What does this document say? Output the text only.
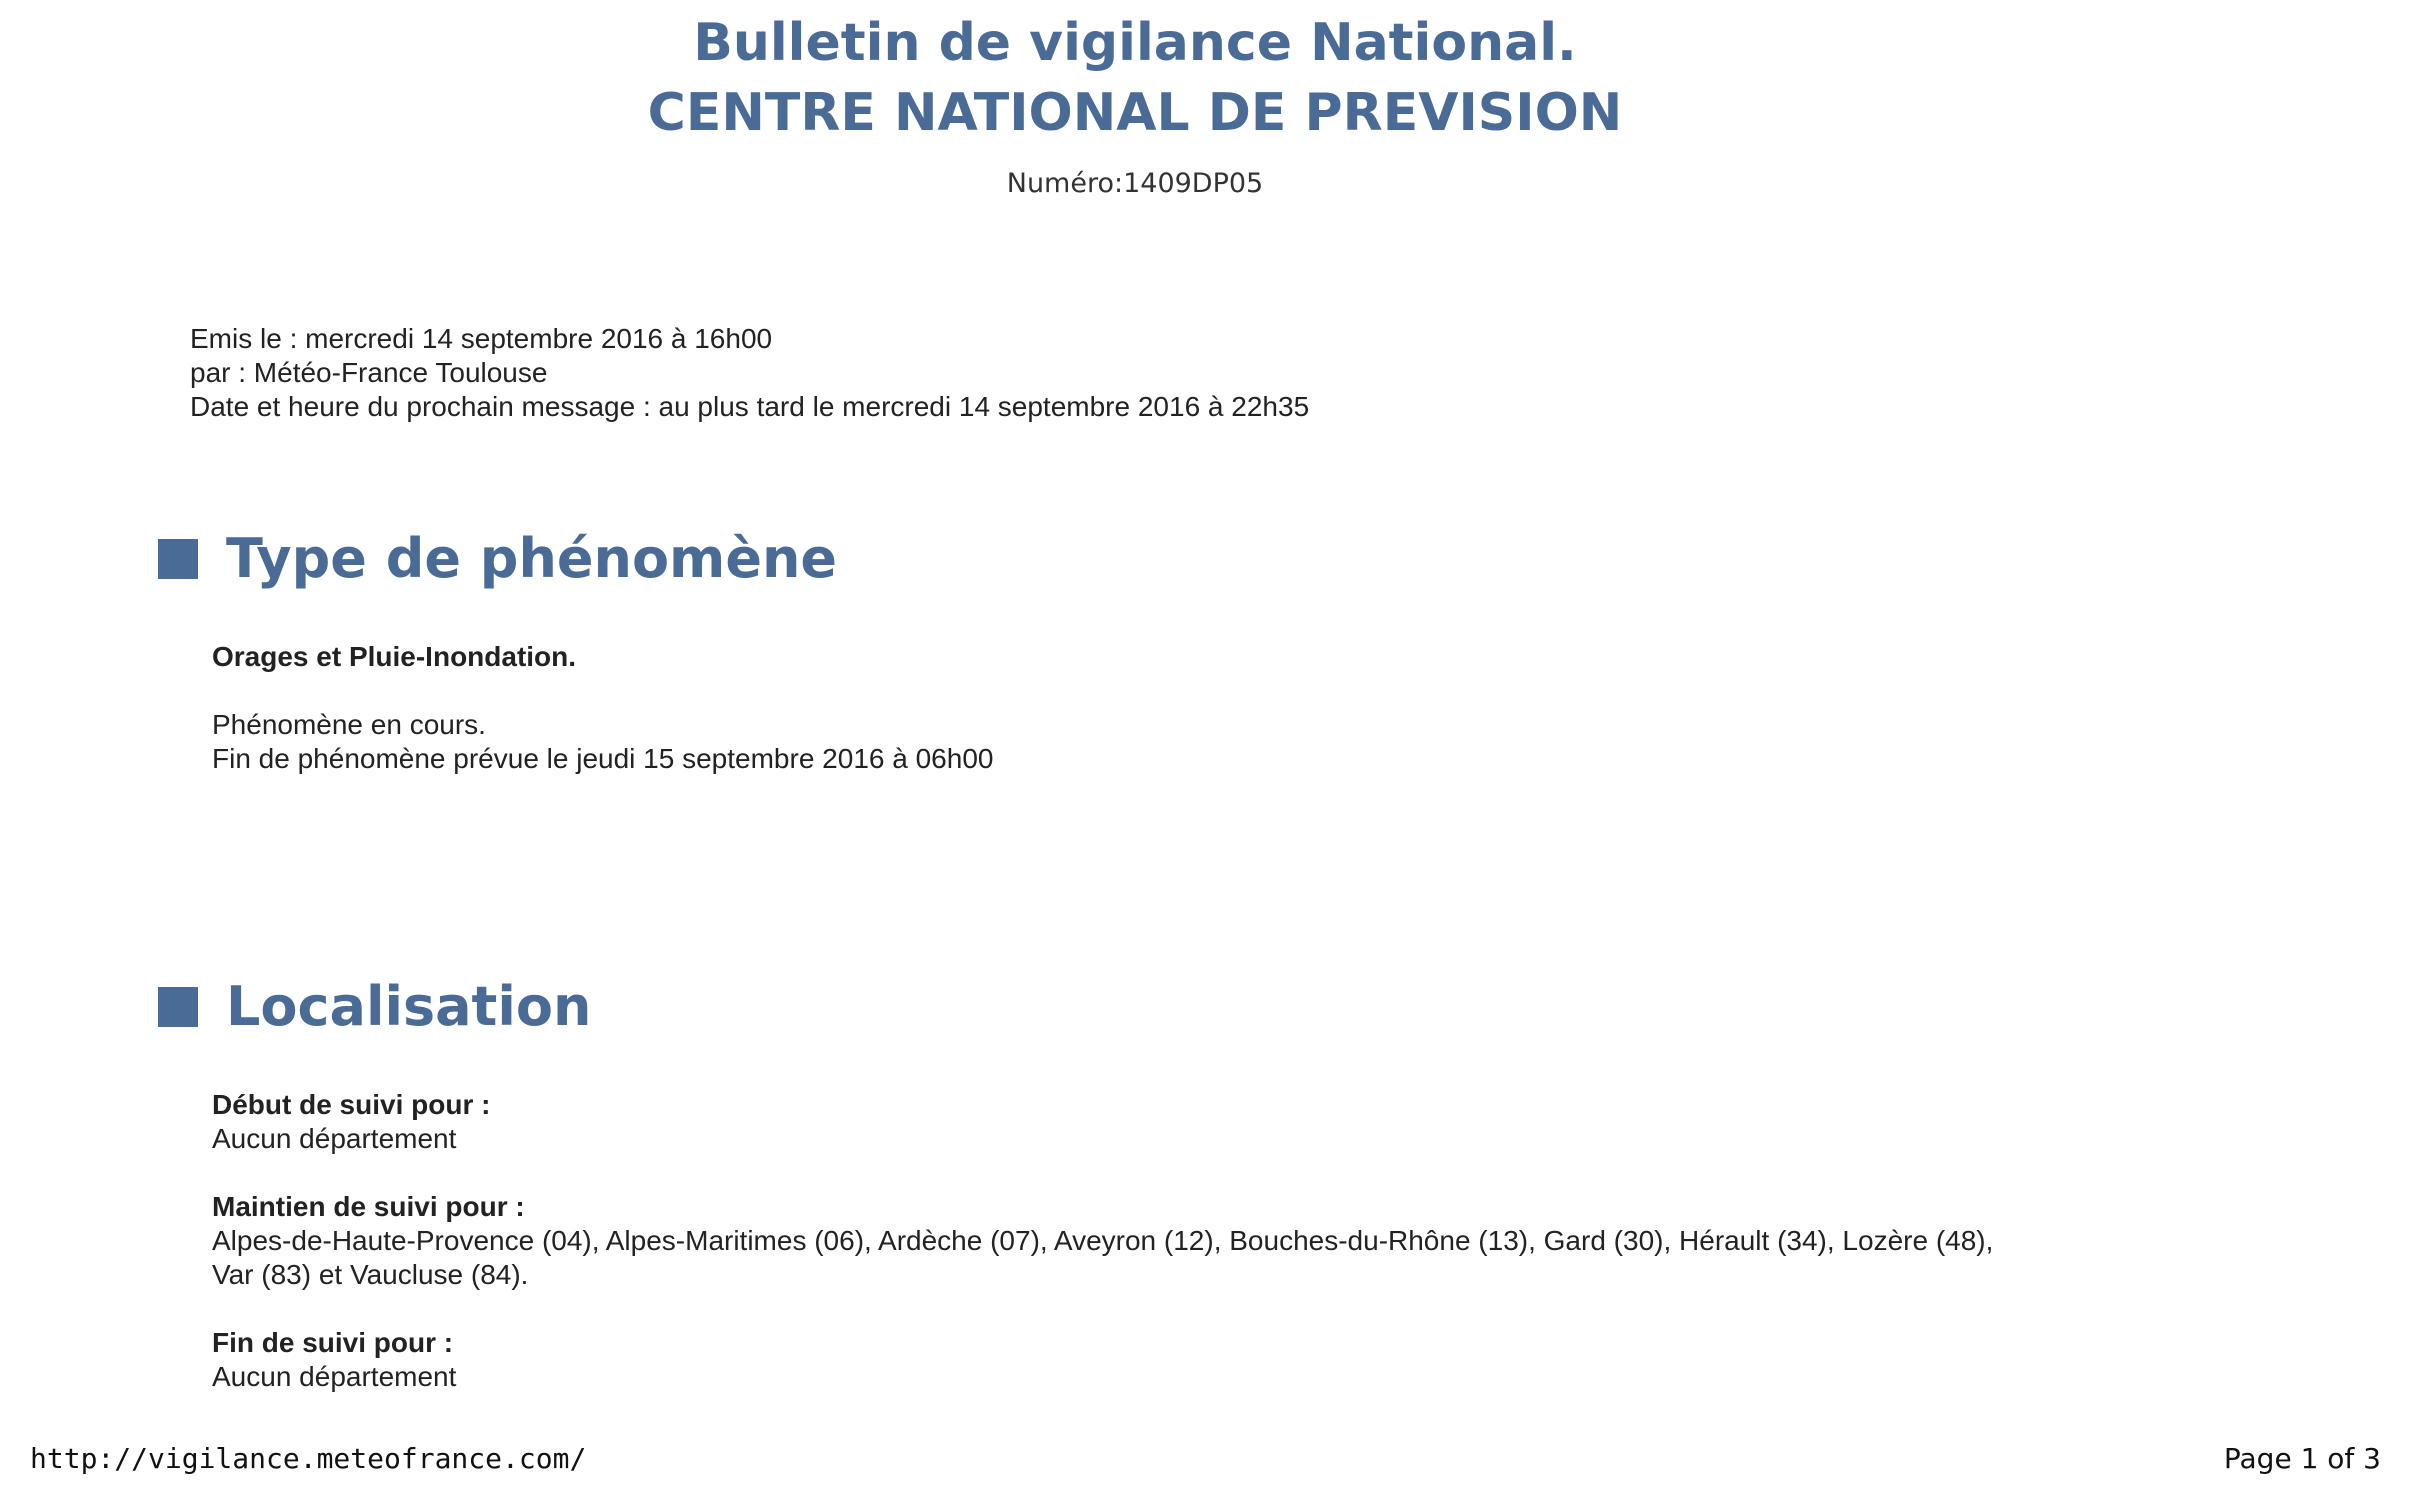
Bulletin de vigilance National.
CENTRE NATIONAL DE PREVISION
Numéro:1409DP05
Emis le : mercredi 14 septembre 2016 à 16h00
par : Météo-France Toulouse
Date et heure du prochain message : au plus tard le mercredi 14 septembre 2016 à 22h35
Type de phénomène
Orages et Pluie-Inondation.
Phénomène en cours.
Fin de phénomène prévue le jeudi 15 septembre 2016 à 06h00
Localisation
Début de suivi pour :
Aucun département
Maintien de suivi pour :
Alpes-de-Haute-Provence (04), Alpes-Maritimes (06), Ardèche (07), Aveyron (12), Bouches-du-Rhône (13), Gard (30), Hérault (34), Lozère (48), Var (83) et Vaucluse (84).
Fin de suivi pour :
Aucun département
http://vigilance.meteofrance.com/	Page 1 of 3
